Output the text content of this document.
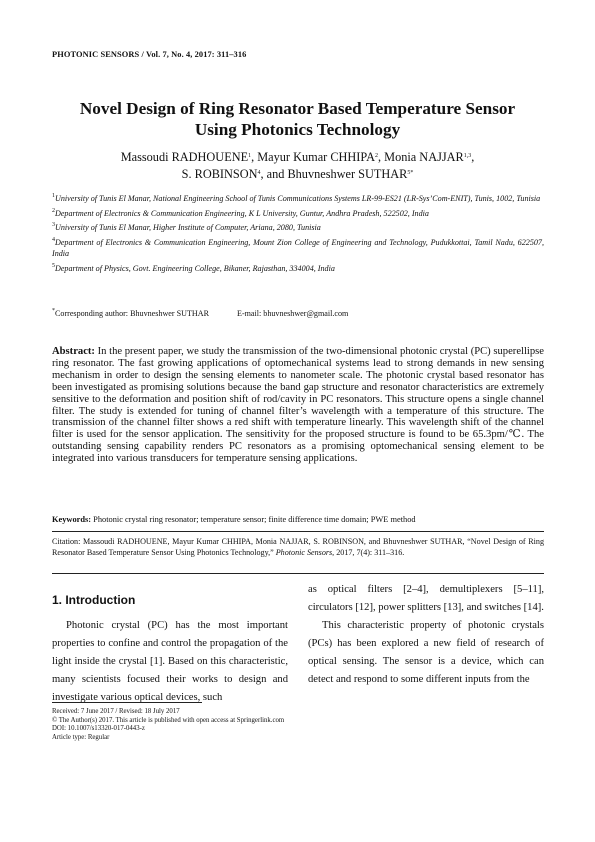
PHOTONIC SENSORS / Vol. 7, No. 4, 2017: 311–316
Novel Design of Ring Resonator Based Temperature Sensor
Using Photonics Technology
Massoudi RADHOUENE$^1$, Mayur Kumar CHHIPA$^2$, Monia NAJJAR$^{1,3}$,
S. ROBINSON$^4$, and Bhuvneshwer $SUTHAR^{5*}$
$^1$University of Tunis El Manar, National Engineering School of Tunis Communications Systems LR-99-ES21 (LR-Sys’Com-ENIT), Tunis, 1002, Tunisia
$^2$Department of Electronics & Communication Engineering, K L University, Guntur, Andhra Pradesh, 522502, India
$^3$University of Tunis El Manar, Higher Institute of Computer, Ariana, 2080, Tunisia
$^4$Department of Electronics & Communication Engineering, Mount Zion College of Engineering and Technology, Pudukkottai, Tamil Nadu, 622507, India
$^5$Department of Physics, Govt. Engineering College, Bikaner, Rajasthan, 334004, India
*Corresponding author: Bhuvneshwer SUTHAR	E-mail: bhuvneshwer@gmail.com
Abstract: In the present paper, we study the transmission of the two-dimensional photonic crystal (PC) superellipse ring resonator. The fast growing applications of optomechanical systems lead to strong demands in new sensing mechanism in order to design the sensing elements to nanometer scale. The photonic crystal based resonator has been investigated as promising solutions because the band gap structure and resonator characteristics are extremely sensitive to the deformation and position shift of rod/cavity in PC resonators. This structure opens a single channel filter. The study is extended for tuning of channel filter’s wavelength with a temperature of this structure. The transmission of the channel filter shows a red shift with temperature linearly. This wavelength shift of the channel filter is used for the sensor application. The sensitivity for the proposed structure is found to be 65.3pm/℃. The outstanding sensing capability renders PC resonators as a promising optomechanical sensing element to be integrated into various transducers for temperature sensing applications.
Keywords: Photonic crystal ring resonator; temperature sensor; finite difference time domain; PWE method
Citation: Massoudi RADHOUENE, Mayur Kumar CHHIPA, Monia NAJJAR, S. ROBINSON, and Bhuvneshwer SUTHAR, “Novel Design of Ring Resonator Based Temperature Sensor Using Photonics Technology,” Photonic Sensors, 2017, 7(4): 311–316.
1. Introduction

Photonic crystal (PC) has the most important properties to confine and control the propagation of the light inside the crystal [1]. Based on this characteristic, many scientists focused their works to design and investigate various optical devices, such

as optical filters [2–4], demultiplexers [5–11], circulators [12], power splitters [13], and switches [14].

This characteristic property of photonic crystals (PCs) has been explored a new field of research of optical sensing. The sensor is a device, which can detect and respond to some different inputs from the

Received: 7 June 2017 / Revised: 18 July 2017
© The Author(s) 2017. This article is published with open access at Springerlink.com
DOI: 10.1007/s13320-017-0443-z
Article type: Regular
